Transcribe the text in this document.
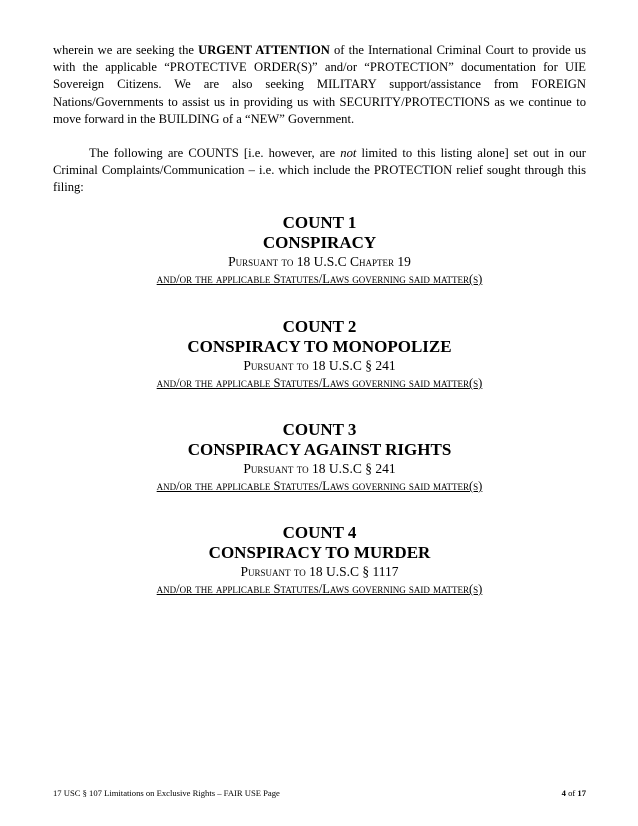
wherein we are seeking the URGENT ATTENTION of the International Criminal Court to provide us with the applicable “PROTECTIVE ORDER(S)” and/or “PROTECTION” documentation for UIE Sovereign Citizens. We are also seeking MILITARY support/assistance from FOREIGN Nations/Governments to assist us in providing us with SECURITY/PROTECTIONS as we continue to move forward in the BUILDING of a “NEW” Government.

The following are COUNTS [i.e. however, are not limited to this listing alone] set out in our Criminal Complaints/Communication – i.e. which include the PROTECTION relief sought through this filing:

COUNT 1
CONSPIRACY
Pursuant to 18 U.S.C Chapter 19
and/or the applicable Statutes/Laws governing said matter(s)
COUNT 2
CONSPIRACY TO MONOPOLIZE
Pursuant to 18 U.S.C § 241
and/or the applicable Statutes/Laws governing said matter(s)
COUNT 3
CONSPIRACY AGAINST RIGHTS
Pursuant to 18 U.S.C § 241
and/or the applicable Statutes/Laws governing said matter(s)
COUNT 4
CONSPIRACY TO MURDER
Pursuant to 18 U.S.C § 1117
and/or the applicable Statutes/Laws governing said matter(s)
17 USC § 107 Limitations on Exclusive Rights – FAIR USE Page	4 of 17
